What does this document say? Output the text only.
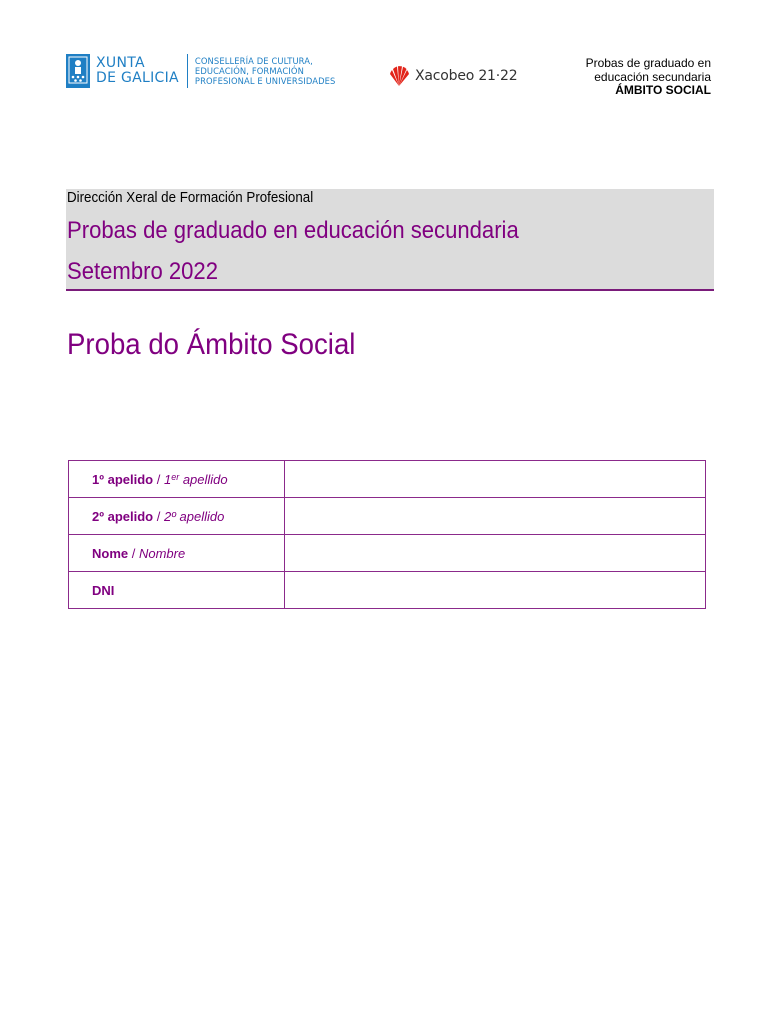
XUNTA
DE GALICIA
CONSELLERÍA DE CULTURA,
EDUCACIÓN, FORMACIÓN
PROFESIONAL E UNIVERSIDADES	Xacobeo 21·22
Probas de graduado en
educación secundaria
ÁMBITO SOCIAL
Dirección Xeral de Formación Profesional
Probas de graduado en educación secundaria
Setembro 2022
Proba do Ámbito Social
1º apelido / 1er apellido	
2º apelido / 2º apellido	
Nome / Nombre	
DNI	
